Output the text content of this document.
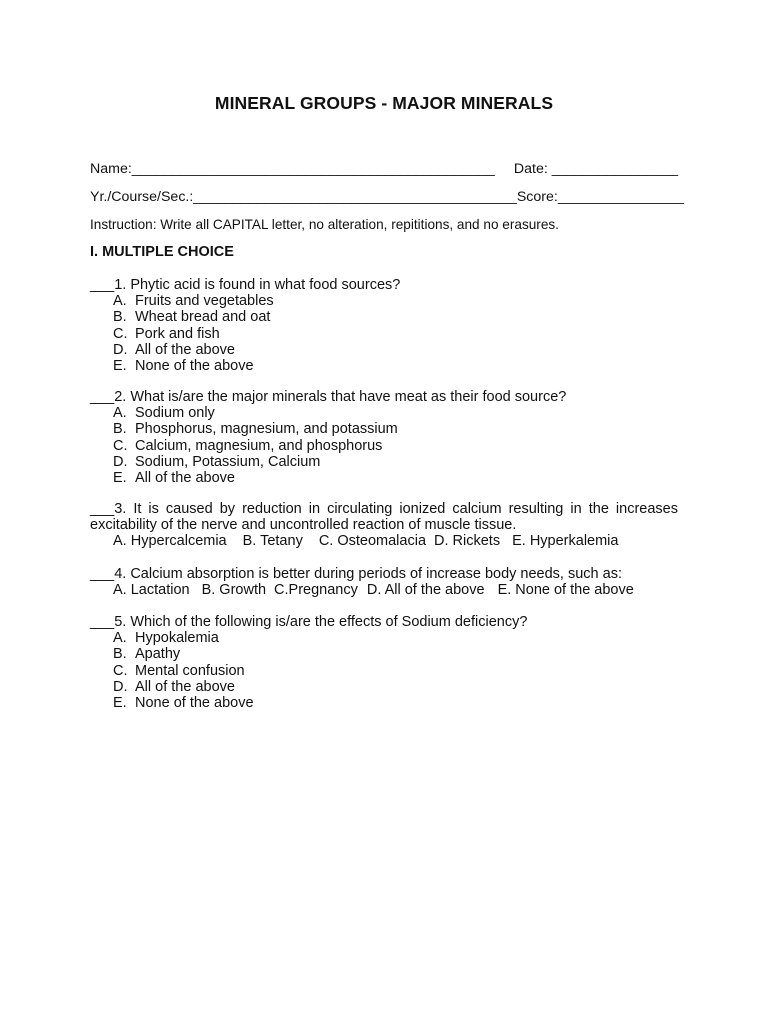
MINERAL GROUPS - MAJOR MINERALS
Name:______________________________________________ Date: ________________
Yr./Course/Sec.:_________________________________________ Score:________________
Instruction: Write all CAPITAL letter, no alteration, repititions, and no erasures.
I. MULTIPLE CHOICE
___1. Phytic acid is found in what food sources?
A. Fruits and vegetables
B. Wheat bread and oat
C. Pork and fish
D. All of the above
E. None of the above
___2. What is/are the major minerals that have meat as their food source?
A. Sodium only
B. Phosphorus, magnesium, and potassium
C. Calcium, magnesium, and phosphorus
D. Sodium, Potassium, Calcium
E. All of the above
___3. It is caused by reduction in circulating ionized calcium resulting in the increases excitability of the nerve and uncontrolled reaction of muscle tissue.
A. Hypercalcemia B. Tetany C. Osteomalacia D. Rickets E. Hyperkalemia
___4. Calcium absorption is better during periods of increase body needs, such as:
A. Lactation B. Growth C.Pregnancy D. All of the above E. None of the above
___5. Which of the following is/are the effects of Sodium deficiency?
A. Hypokalemia
B. Apathy
C. Mental confusion
D. All of the above
E. None of the above
